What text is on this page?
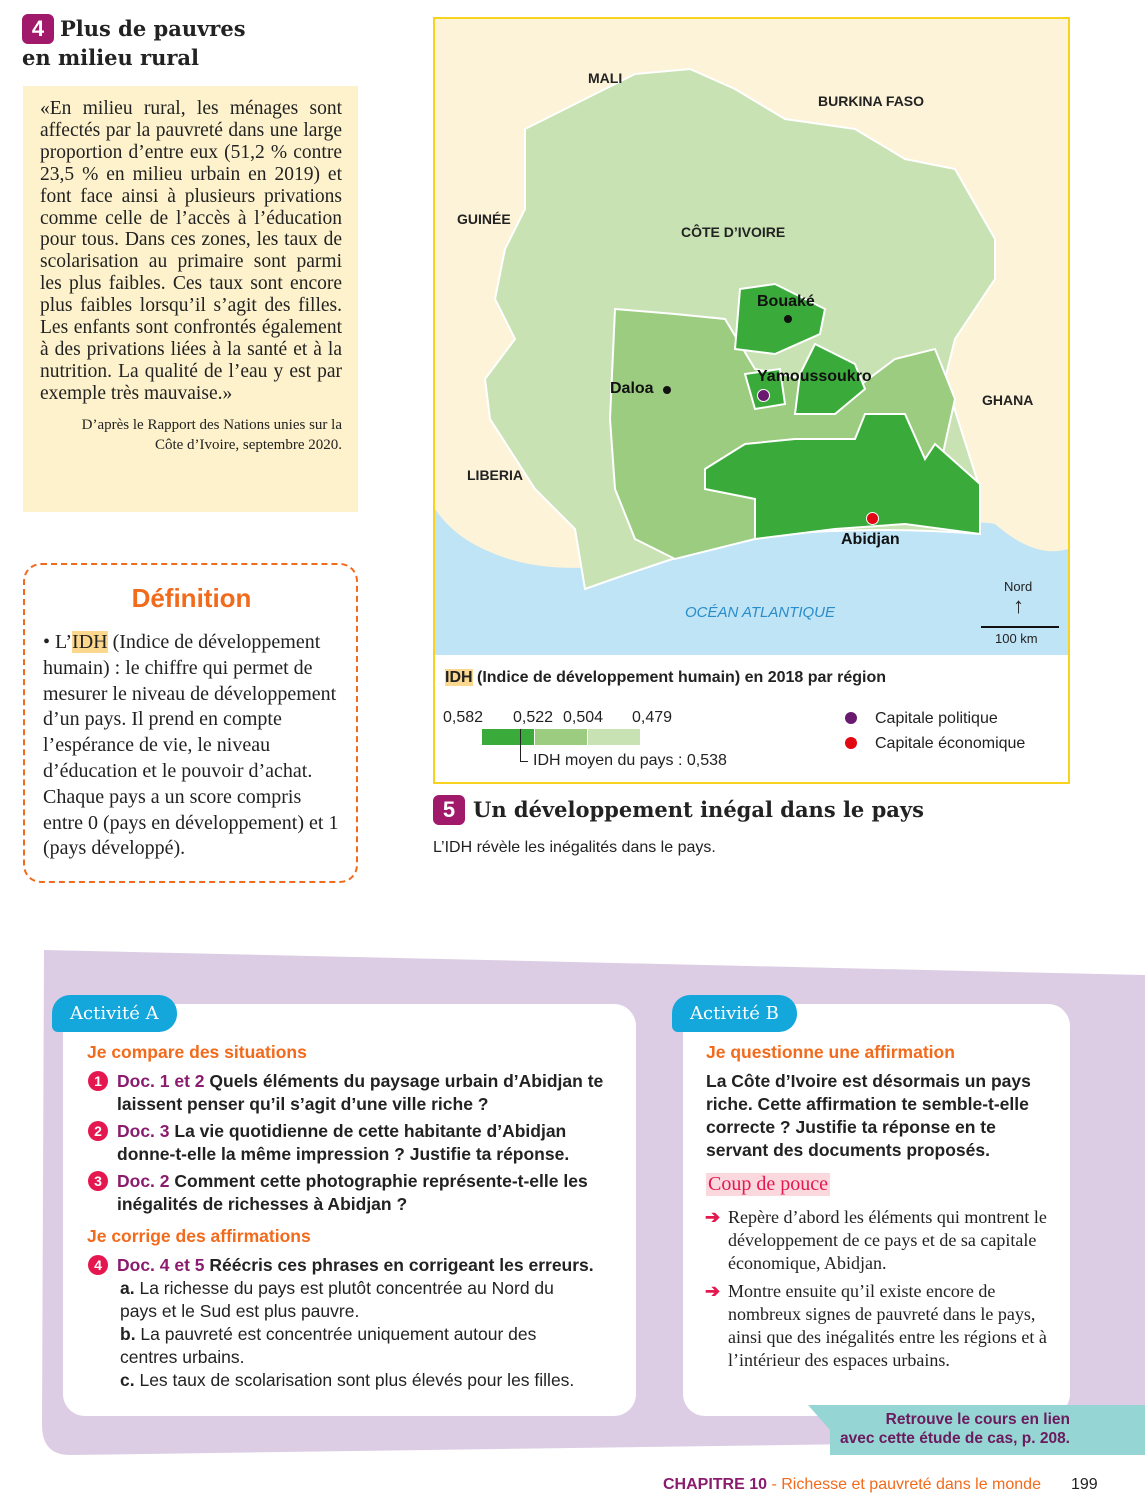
4 Plus de pauvres
en milieu rural
«En milieu rural, les ménages sont affectés par la pauvreté dans une large proportion d’entre eux (51,2 % contre 23,5 % en milieu urbain en 2019) et font face ainsi à plusieurs privations comme celle de l’accès à l’éducation pour tous. Dans ces zones, les taux de scolarisation au primaire sont parmi les plus faibles. Ces taux sont encore plus faibles lorsqu’il s’agit des filles. Les enfants sont confrontés également à des privations liées à la santé et à la nutrition. La qualité de l’eau y est par exemple très mauvaise.»
D’après le Rapport des Nations unies sur la
Côte d’Ivoire, septembre 2020.
Définition
• L’IDH (Indice de développement humain) : le chiffre qui permet de mesurer le niveau de développement d’un pays. Il prend en compte l’espérance de vie, le niveau d’éducation et le pouvoir d’achat. Chaque pays a un score compris entre 0 (pays en développement) et 1 (pays développé).
MALI
BURKINA FASO
GUINÉE
CÔTE D’IVOIRE
GHANA
LIBERIA
OCÉAN ATLANTIQUE
Bouaké
Daloa
Yamoussoukro
Abidjan
Nord
↑
100 km
IDH (Indice de développement humain) en 2018 par région
0,582 0,522 0,504 0,479
IDH moyen du pays : 0,538
Capitale politique
Capitale économique
5 Un développement inégal dans le pays
L’IDH révèle les inégalités dans le pays.
Activité A
Je compare des situations
1 Doc. 1 et 2 Quels éléments du paysage urbain d’Abidjan te laissent penser qu’il s’agit d’une ville riche ?
2 Doc. 3 La vie quotidienne de cette habitante d’Abidjan donne-t-elle la même impression ? Justifie ta réponse.
3 Doc. 2 Comment cette photographie représente-t-elle les inégalités de richesses à Abidjan ?
Je corrige des affirmations
4 Doc. 4 et 5 Réécris ces phrases en corrigeant les erreurs.
a. La richesse du pays est plutôt concentrée au Nord du pays et le Sud est plus pauvre.
b. La pauvreté est concentrée uniquement autour des centres urbains.
c. Les taux de scolarisation sont plus élevés pour les filles.
Activité B
Je questionne une affirmation
La Côte d’Ivoire est désormais un pays riche. Cette affirmation te semble-t-elle correcte ? Justifie ta réponse en te servant des documents proposés.
Coup de pouce
➔ Repère d’abord les éléments qui montrent le développement de ce pays et de sa capitale économique, Abidjan.
➔ Montre ensuite qu’il existe encore de nombreux signes de pauvreté dans le pays, ainsi que des inégalités entre les régions et à l’intérieur des espaces urbains.
Retrouve le cours en lien
avec cette étude de cas, p. 208.
CHAPITRE 10 - Richesse et pauvreté dans le monde 199
